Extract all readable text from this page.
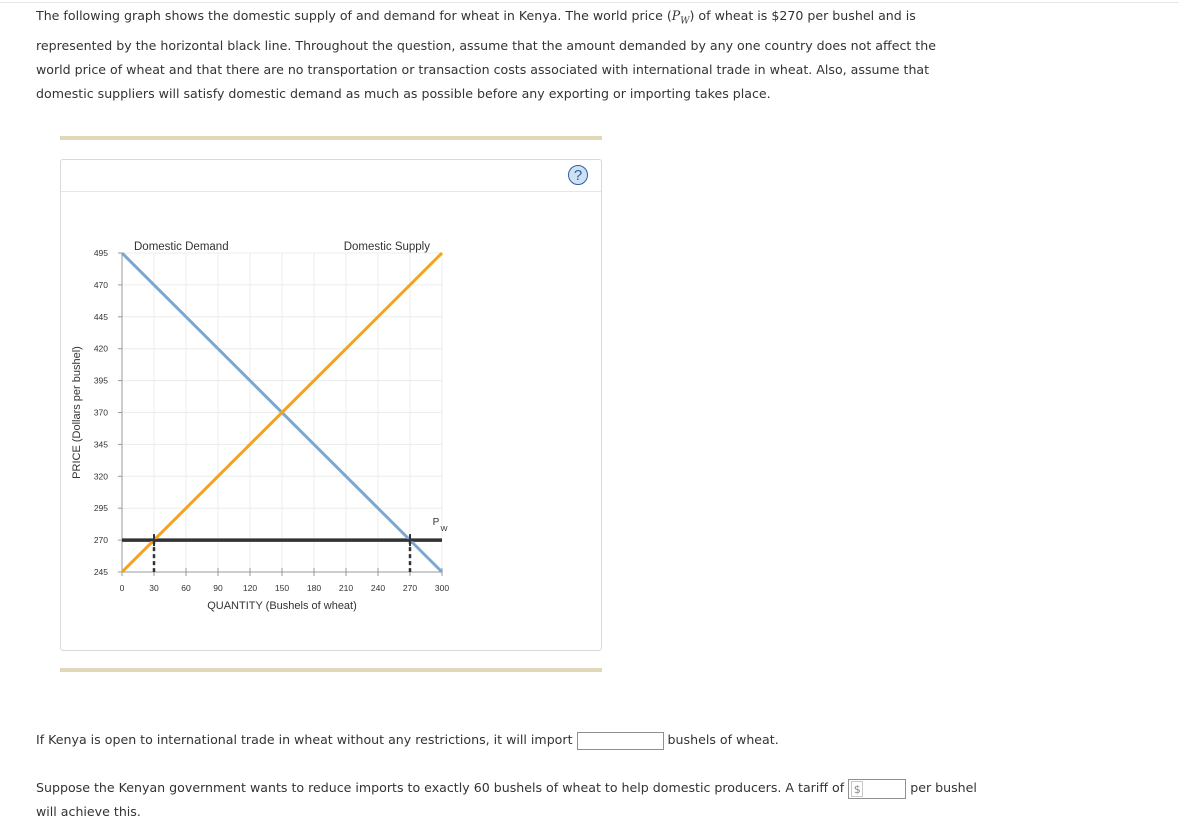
The following graph shows the domestic supply of and demand for wheat in Kenya. The world price $(P_W)$ of wheat is $270 per bushel and is represented by the horizontal black line. Throughout the question, assume that the amount demanded by any one country does not affect the world price of wheat and that there are no transportation or transaction costs associated with international trade in wheat. Also, assume that domestic suppliers will satisfy domestic demand as much as possible before any exporting or importing takes place.
?
495
470
445
420
395
370
345
320
295
270
245
0	30	60	90 120 150 180 210 240 270 300
QUANTITY (Bushels of wheat)
PRICE (Dollars per bushel)
Domestic Demand	Domestic Supply
P
W
If Kenya is open to international trade in wheat without any restrictions, it will import	bushels of wheat.
Suppose the Kenyan government wants to reduce imports to exactly 60 bushels of wheat to help domestic producers. A tariff of $	per bushel
will achieve this.
